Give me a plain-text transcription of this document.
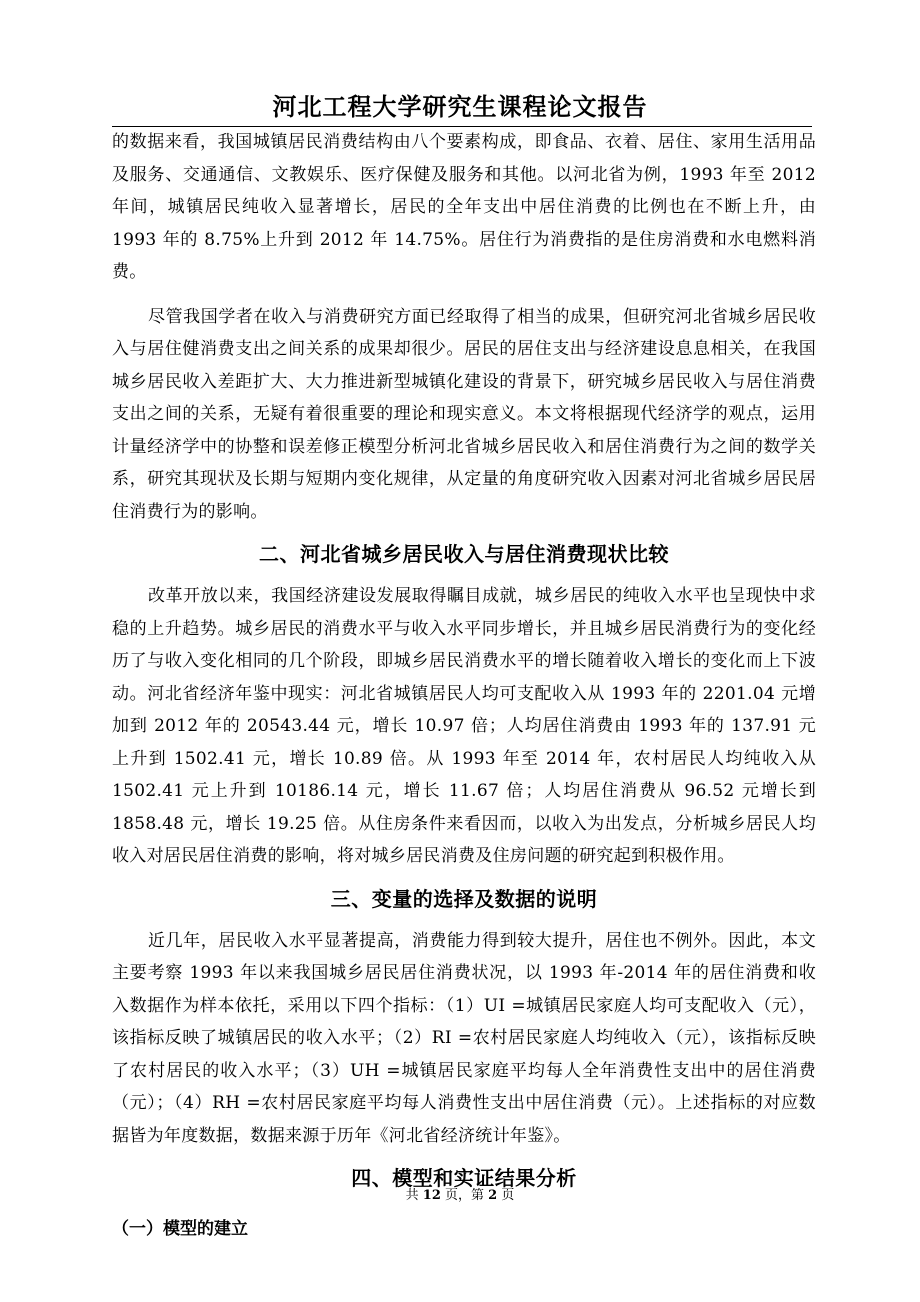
河北工程大学研究生课程论文报告

的数据来看，我国城镇居民消费结构由八个要素构成，即食品、衣着、居住、家用生活用品及服务、交通通信、文教娱乐、医疗保健及服务和其他。以河北省为例，1993 年至 2012 年间，城镇居民纯收入显著增长，居民的全年支出中居住消费的比例也在不断上升，由 1993 年的 8.75%上升到 2012 年 14.75%。居住行为消费指的是住房消费和水电燃料消费。

尽管我国学者在收入与消费研究方面已经取得了相当的成果，但研究河北省城乡居民收入与居住健消费支出之间关系的成果却很少。居民的居住支出与经济建设息息相关，在我国城乡居民收入差距扩大、大力推进新型城镇化建设的背景下，研究城乡居民收入与居住消费支出之间的关系，无疑有着很重要的理论和现实意义。本文将根据现代经济学的观点，运用计量经济学中的协整和误差修正模型分析河北省城乡居民收入和居住消费行为之间的数学关系，研究其现状及长期与短期内变化规律，从定量的角度研究收入因素对河北省城乡居民居住消费行为的影响。

二、河北省城乡居民收入与居住消费现状比较

改革开放以来，我国经济建设发展取得瞩目成就，城乡居民的纯收入水平也呈现快中求稳的上升趋势。城乡居民的消费水平与收入水平同步增长，并且城乡居民消费行为的变化经历了与收入变化相同的几个阶段，即城乡居民消费水平的增长随着收入增长的变化而上下波动。河北省经济年鉴中现实：河北省城镇居民人均可支配收入从 1993 年的 2201.04 元增加到 2012 年的 20543.44 元，增长 10.97 倍；人均居住消费由 1993 年的 137.91 元上升到 1502.41 元，增长 10.89 倍。从 1993 年至 2014 年，农村居民人均纯收入从 1502.41 元上升到 10186.14 元，增长 11.67 倍；人均居住消费从 96.52 元增长到 1858.48 元，增长 19.25 倍。从住房条件来看因而，以收入为出发点，分析城乡居民人均收入对居民居住消费的影响，将对城乡居民消费及住房问题的研究起到积极作用。

三、变量的选择及数据的说明

近几年，居民收入水平显著提高，消费能力得到较大提升，居住也不例外。因此，本文主要考察 1993 年以来我国城乡居民居住消费状况，以 1993 年-2014 年的居住消费和收入数据作为样本依托，采用以下四个指标：（1）UI =城镇居民家庭人均可支配收入（元），该指标反映了城镇居民的收入水平；（2）RI =农村居民家庭人均纯收入（元），该指标反映了农村居民的收入水平；（3）UH =城镇居民家庭平均每人全年消费性支出中的居住消费（元）；（4）RH =农村居民家庭平均每人消费性支出中居住消费（元）。上述指标的对应数据皆为年度数据，数据来源于历年《河北省经济统计年鉴》。

四、模型和实证结果分析
（一）模型的建立
共 12 页，第 2 页
